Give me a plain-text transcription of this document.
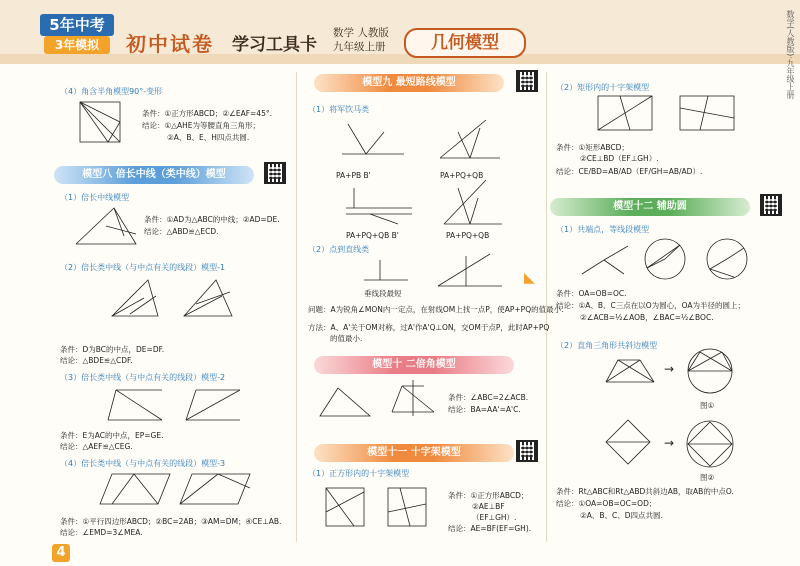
5年中考
3年模拟	初中试卷 学习工具卡
数学 人教版
九年级上册	几何模型	数学(人教版)·九年级上册
（4）角含半角模型90°-变形
条件：①正方形ABCD；②∠EAF=45°.
结论：①△AHE为等腰直角三角形；
②A、B、E、H四点共圆.
模型八 倍长中线（类中线）模型
（1）倍长中线模型
条件：①AD为△ABC的中线；②AD=DE.
结论：△ABD≌△ECD.
（2）倍长类中线（与中点有关的线段）模型-1
条件：D为BC的中点，DE=DF.
结论：△BDE≌△CDF.
（3）倍长类中线（与中点有关的线段）模型-2
条件：E为AC的中点，EP=GE.
结论：△AEF≌△CEG.
（4）倍长类中线（与中点有关的线段）模型-3
条件：①平行四边形ABCD；②BC=2AB；③AM=DM；④CE⊥AB.
结论：∠EMD=3∠MEA.
模型九 最短路线模型
（1）将军饮马类
PA+PB B'	PA+PQ+QB
PA+PQ+QB B'	PA+PQ+QB
（2）点到直线类
垂线段最短
问题：A为锐角∠MON内一定点，在射线OM上找一点P，使AP+PQ的值最小.
方法：A、A'关于OM对称，过A'作A'Q⊥ON，交OM于点P，此时AP+PQ
的值最小.
◣
模型十 二倍角模型
条件：∠ABC=2∠ACB.
结论：BA=AA'=A'C.
模型十一 十字架模型
（1）正方形内的十字架模型
条件：①正方形ABCD；
②AE⊥BF
（EF⊥GH）.
结论：AE=BF(EF=GH).
（2）矩形内的十字架模型
条件：①矩形ABCD；
②CE⊥BD（EF⊥GH）.
结论：CE/BD=AB/AD（EF/GH=AB/AD）.
模型十二 辅助圆
（1）共端点，等线段模型
条件：OA=OB=OC.
结论：①A、B、C三点在以O为圆心，OA为半径的圆上；
②∠ACB=½∠AOB，∠BAC=½∠BOC.
（2）直角三角形共斜边模型
→
图①
→
图②
条件：Rt△ABC和Rt△ABD共斜边AB，取AB的中点O.
结论：①OA=OB=OC=OD；
②A、B、C、D四点共圆.
4
